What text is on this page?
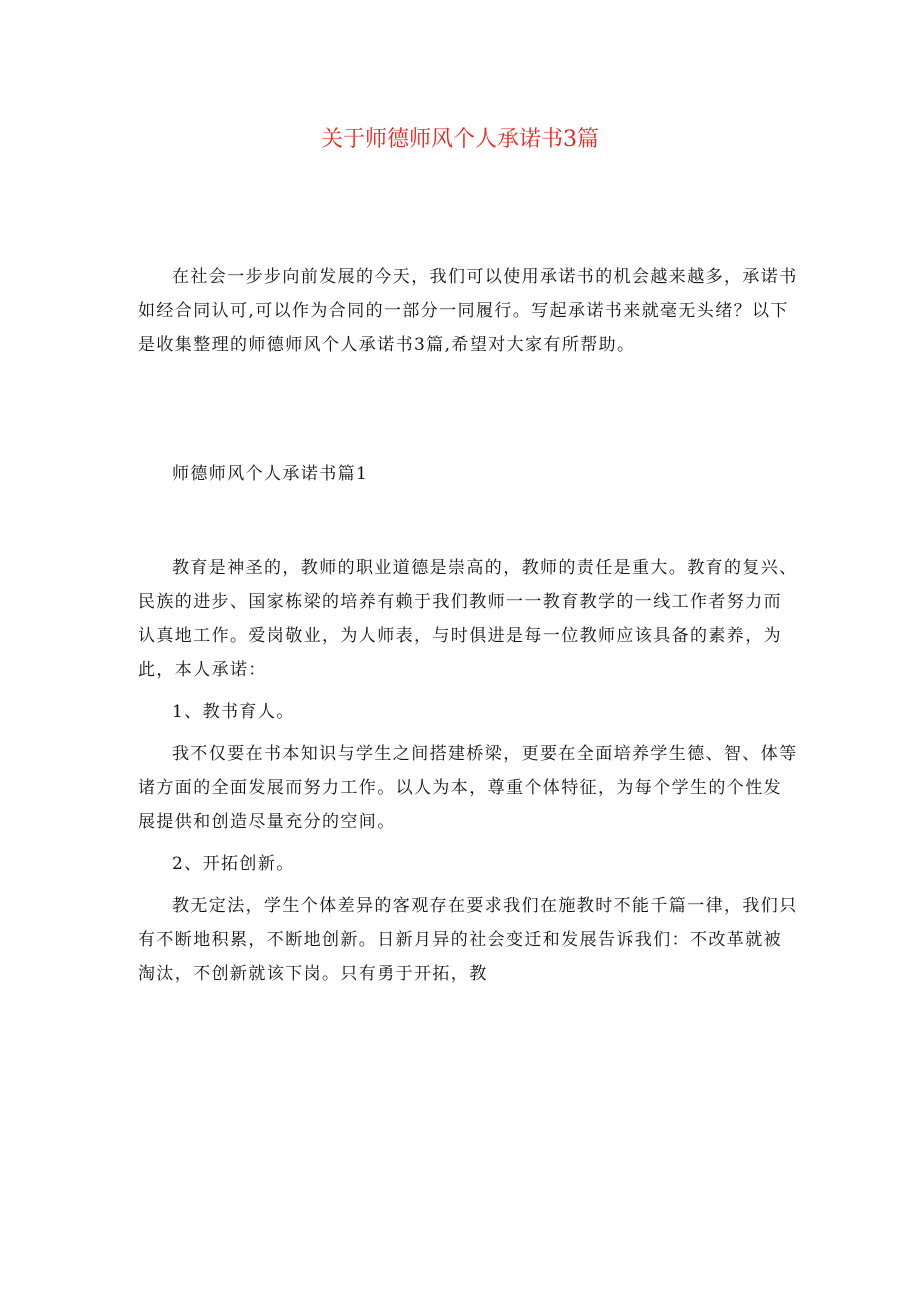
关于师德师风个人承诺书3篇

在社会一步步向前发展的今天，我们可以使用承诺书的机会越来越多，承诺书如经合同认可,可以作为合同的一部分一同履行。写起承诺书来就毫无头绪？以下是收集整理的师德师风个人承诺书3篇,希望对大家有所帮助。

师德师风个人承诺书篇1

教育是神圣的，教师的职业道德是崇高的，教师的责任是重大。教育的复兴、民族的进步、国家栋梁的培养有赖于我们教师一一教育教学的一线工作者努力而认真地工作。爱岗敬业，为人师表，与时俱进是每一位教师应该具备的素养，为此，本人承诺：

1、教书育人。

我不仅要在书本知识与学生之间搭建桥梁，更要在全面培养学生德、智、体等诸方面的全面发展而努力工作。以人为本，尊重个体特征，为每个学生的个性发展提供和创造尽量充分的空间。

2、开拓创新。

教无定法，学生个体差异的客观存在要求我们在施教时不能千篇一律，我们只有不断地积累，不断地创新。日新月异的社会变迁和发展告诉我们：不改革就被淘汰，不创新就该下岗。只有勇于开拓，教
